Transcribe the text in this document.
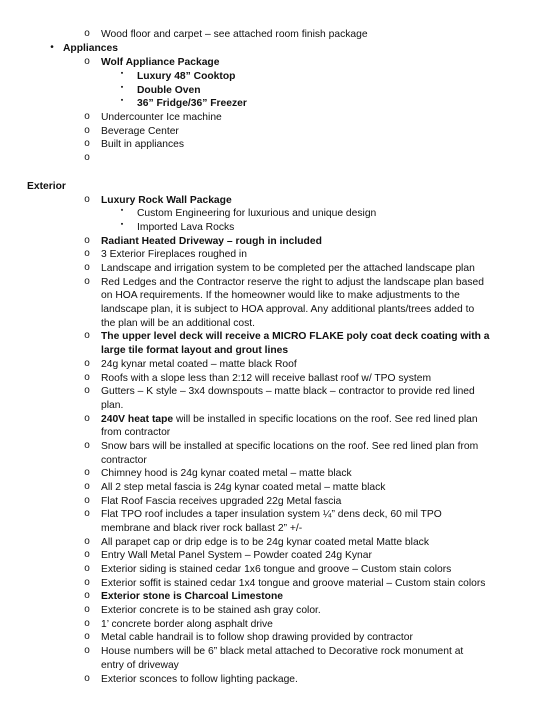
o Wood floor and carpet – see attached room finish package
• Appliances
o Wolf Appliance Package
▪ Luxury 48” Cooktop
▪ Double Oven
▪ 36” Fridge/36” Freezer
o Undercounter Ice machine
o Beverage Center
o Built in appliances
o
Exterior
o Luxury Rock Wall Package
▪ Custom Engineering for luxurious and unique design
▪ Imported Lava Rocks
o Radiant Heated Driveway – rough in included
o 3 Exterior Fireplaces roughed in
o Landscape and irrigation system to be completed per the attached landscape plan
o Red Ledges and the Contractor reserve the right to adjust the landscape plan based
on HOA requirements. If the homeowner would like to make adjustments to the
landscape plan, it is subject to HOA approval. Any additional plants/trees added to
the plan will be an additional cost.
o The upper level deck will receive a MICRO FLAKE poly coat deck coating with a
large tile format layout and grout lines
o 24g kynar metal coated – matte black Roof
o Roofs with a slope less than 2:12 will receive ballast roof w/ TPO system
o Gutters – K style – 3x4 downspouts – matte black – contractor to provide red lined
plan.
o 240V heat tape will be installed in specific locations on the roof. See red lined plan
from contractor
o Snow bars will be installed at specific locations on the roof. See red lined plan from
contractor
o Chimney hood is 24g kynar coated metal – matte black
o All 2 step metal fascia is 24g kynar coated metal – matte black
o Flat Roof Fascia receives upgraded 22g Metal fascia
o Flat TPO roof includes a taper insulation system ¼” dens deck, 60 mil TPO
membrane and black river rock ballast 2” +/-
o All parapet cap or drip edge is to be 24g kynar coated metal Matte black
o Entry Wall Metal Panel System – Powder coated 24g Kynar
o Exterior siding is stained cedar 1x6 tongue and groove – Custom stain colors
o Exterior soffit is stained cedar 1x4 tongue and groove material – Custom stain colors
o Exterior stone is Charcoal Limestone
o Exterior concrete is to be stained ash gray color.
o 1’ concrete border along asphalt drive
o Metal cable handrail is to follow shop drawing provided by contractor
o House numbers will be 6” black metal attached to Decorative rock monument at
entry of driveway
o Exterior sconces to follow lighting package.
